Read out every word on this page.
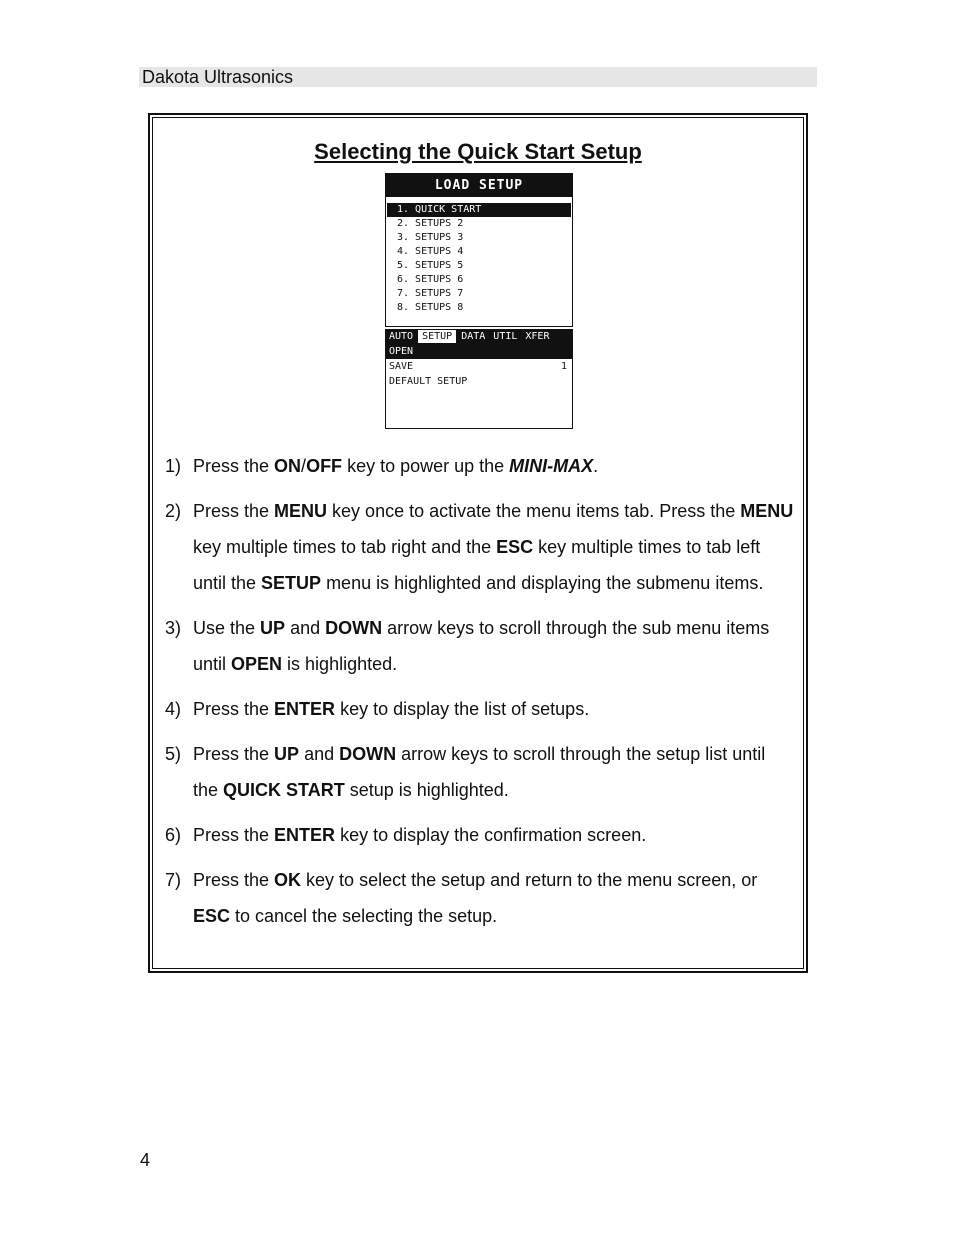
Dakota Ultrasonics
Selecting the Quick Start Setup
LOAD SETUP
1. QUICK START
2. SETUPS 2
3. SETUPS 3
4. SETUPS 4
5. SETUPS 5
6. SETUPS 6
7. SETUPS 7
8. SETUPS 8
AUTO SETUP DATA UTIL XFER
OPEN
SAVE	1
DEFAULT SETUP
1) Press the ON/OFF key to power up the MINI-MAX.
2) Press the MENU key once to activate the menu items tab. Press the MENU key multiple times to tab right and the ESC key multiple times to tab left until the SETUP menu is highlighted and displaying the submenu items.
3) Use the UP and DOWN arrow keys to scroll through the sub menu items until OPEN is highlighted.
4) Press the ENTER key to display the list of setups.
5) Press the UP and DOWN arrow keys to scroll through the setup list until the QUICK START setup is highlighted.
6) Press the ENTER key to display the confirmation screen.
7) Press the OK key to select the setup and return to the menu screen, or ESC to cancel the selecting the setup.
4
